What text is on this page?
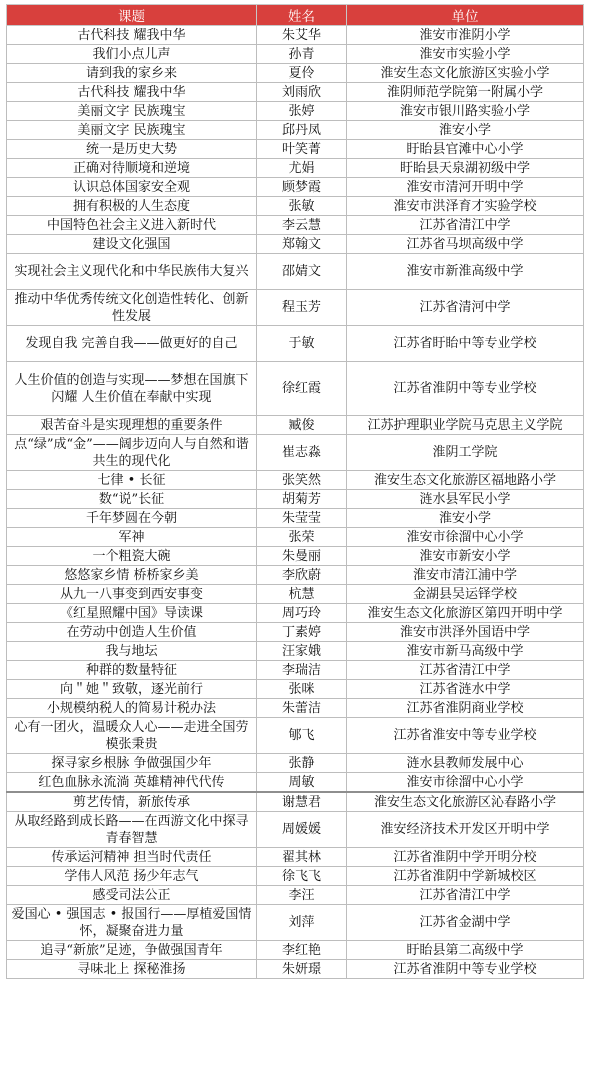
课题	姓名	单位
古代科技 耀我中华	朱艾华	淮安市淮阴小学
我们小点儿声	孙青	淮安市实验小学
请到我的家乡来	夏伶	淮安生态文化旅游区实验小学
古代科技 耀我中华	刘雨欣	淮阴师范学院第一附属小学
美丽文字 民族瑰宝	张婷	淮安市银川路实验小学
美丽文字 民族瑰宝	邱丹凤	淮安小学
统一是历史大势	叶笑菁	盱眙县官滩中心小学
正确对待顺境和逆境	尤娟	盱眙县天泉湖初级中学
认识总体国家安全观	顾梦霞	淮安市清河开明中学
拥有积极的人生态度	张敏	淮安市洪泽育才实验学校
中国特色社会主义进入新时代	李云慧	江苏省清江中学
建设文化强国	郑翰文	江苏省马坝高级中学
实现社会主义现代化和中华民族伟大复兴	邵婧文	淮安市新淮高级中学
推动中华优秀传统文化创造性转化、创新性发展	程玉芳	江苏省清河中学
发现自我 完善自我——做更好的自己	于敏	江苏省盱眙中等专业学校
人生价值的创造与实现——梦想在国旗下闪耀 人生价值在奉献中实现	徐红霞	江苏省淮阴中等专业学校
艰苦奋斗是实现理想的重要条件	臧俊	江苏护理职业学院马克思主义学院
点“绿”成“金”——阔步迈向人与自然和谐共生的现代化	崔志淼	淮阴工学院
七律 • 长征	张笑然	淮安生态文化旅游区福地路小学
数“说”长征	胡菊芳	涟水县军民小学
千年梦圆在今朝	朱莹莹	淮安小学
军神	张荣	淮安市徐溜中心小学
一个粗瓷大碗	朱曼丽	淮安市新安小学
悠悠家乡情 桥桥家乡美	李欣蔚	淮安市清江浦中学
从九一八事变到西安事变	杭慧	金湖县吴运铎学校
《红星照耀中国》导读课	周巧玲	淮安生态文化旅游区第四开明中学
在劳动中创造人生价值	丁素婷	淮安市洪泽外国语中学
我与地坛	汪家娥	淮安市新马高级中学
种群的数量特征	李瑞洁	江苏省清江中学
向＂她＂致敬，逐光前行	张咪	江苏省涟水中学
小规模纳税人的简易计税办法	朱蕾洁	江苏省淮阴商业学校
心有一团火，温暖众人心——走进全国劳模张秉贵	郇飞	江苏省淮安中等专业学校
探寻家乡根脉 争做强国少年	张静	涟水县教师发展中心
红色血脉永流淌 英雄精神代代传	周敏	淮安市徐溜中心小学
剪艺传情，新旅传承	谢慧君	淮安生态文化旅游区沁春路小学
从取经路到成长路——在西游文化中探寻青春智慧	周媛媛	淮安经济技术开发区开明中学
传承运河精神 担当时代责任	翟其林	江苏省淮阴中学开明分校
学伟人风范 扬少年志气	徐飞飞	江苏省淮阴中学新城校区
感受司法公正	李汪	江苏省清江中学
爱国心 • 强国志 • 报国行——厚植爱国情怀，凝聚奋进力量	刘萍	江苏省金湖中学
追寻“新旅”足迹，争做强国青年	李红艳	盱眙县第二高级中学
寻味北上 探秘淮扬	朱妍璟	江苏省淮阴中等专业学校
